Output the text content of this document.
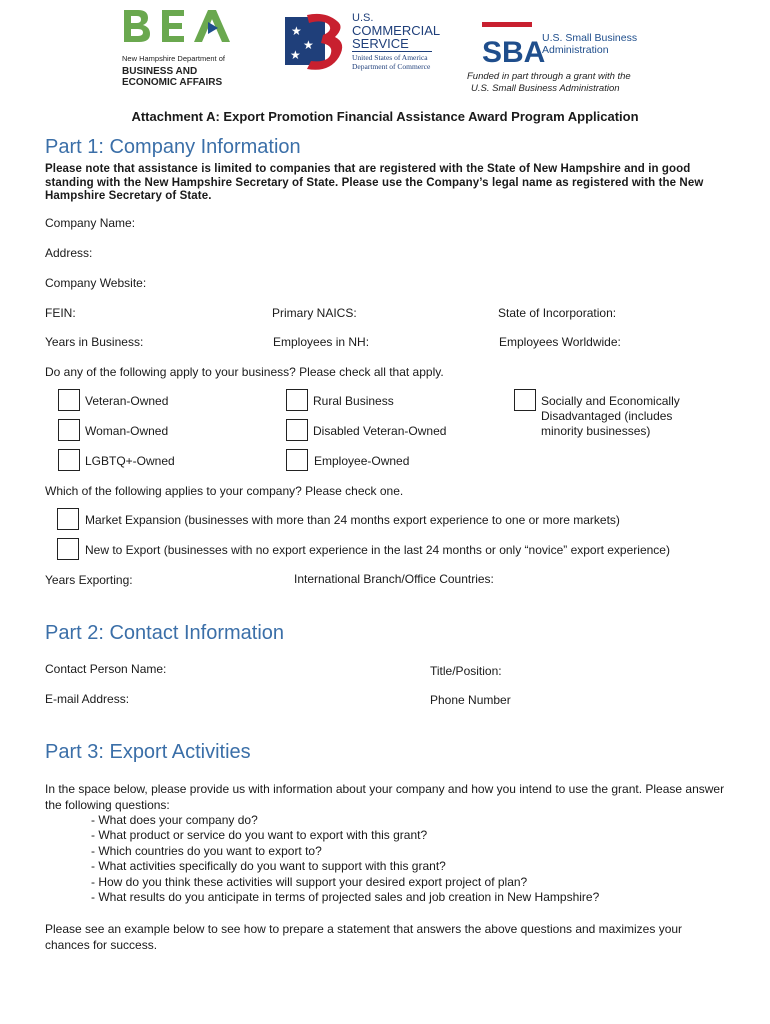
New Hampshire Department of
BUSINESS AND
ECONOMIC AFFAIRS
★
★
★
U.S.
COMMERCIAL
SERVICE
United States of America
Department of Commerce SBA
U.S. Small Business
Administration
Funded in part through a grant with the
U.S. Small Business Administration
Attachment A: Export Promotion Financial Assistance Award Program Application
Part 1: Company Information
Please note that assistance is limited to companies that are registered with the State of New Hampshire and in good standing with the New Hampshire Secretary of State. Please use the Company’s legal name as registered with the New Hampshire Secretary of State.
Company Name:
Address:
Company Website:
FEIN:	Primary NAICS:	State of Incorporation:
Years in Business:	Employees in NH:	Employees Worldwide:
Do any of the following apply to your business? Please check all that apply.
Veteran-Owned	Rural Business	Socially and Economically
Disadvantaged (includes
minority businesses)
Woman-Owned	Disabled Veteran-Owned
LGBTQ+-Owned	Employee-Owned
Which of the following applies to your company? Please check one.
Market Expansion (businesses with more than 24 months export experience to one or more markets)
New to Export (businesses with no export experience in the last 24 months or only “novice” export experience)
Years Exporting:	International Branch/Office Countries:
Part 2: Contact Information
Contact Person Name:	Title/Position:
E-mail Address:	Phone Number
Part 3: Export Activities
In the space below, please provide us with information about your company and how you intend to use the grant. Please answer the following questions:
- What does your company do?
- What product or service do you want to export with this grant?
- Which countries do you want to export to?
- What activities specifically do you want to support with this grant?
- How do you think these activities will support your desired export project of plan?
- What results do you anticipate in terms of projected sales and job creation in New Hampshire?
Please see an example below to see how to prepare a statement that answers the above questions and maximizes your chances for success.
